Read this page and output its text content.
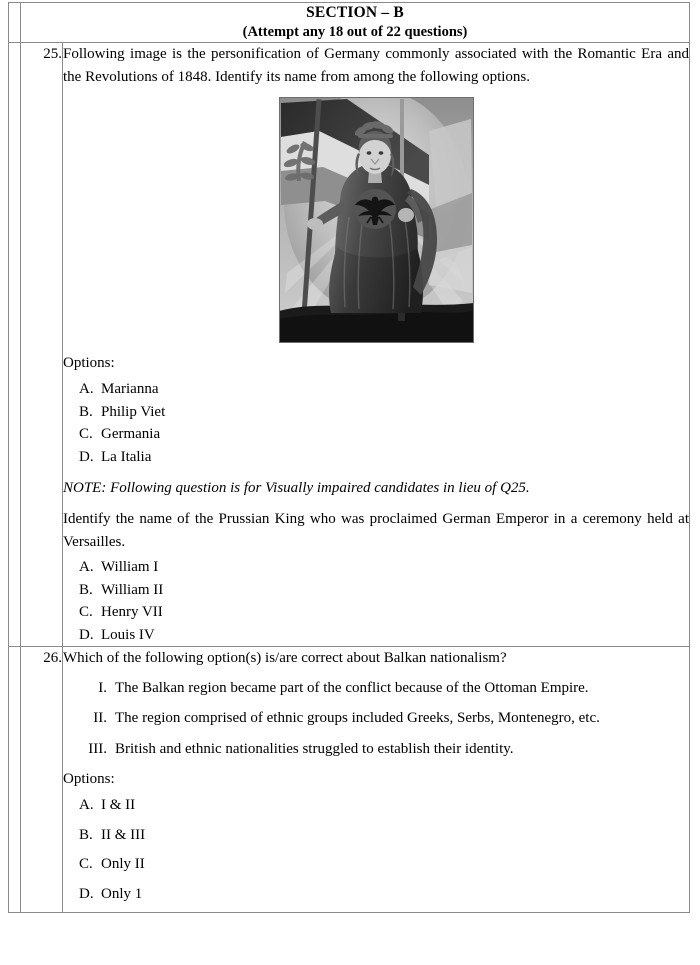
	SECTION – B
(Attempt any 18 out of 22 questions)	

	25.	Following image is the personification of Germany commonly associated with the Romantic Era and the Revolutions of 1848. Identify its name from among the following options.

Options:
A. Marianna
B. Philip Viet
C. Germania
D. La Italia

NOTE: Following question is for Visually impaired candidates in lieu of Q25.

Identify the name of the Prussian King who was proclaimed German Emperor in a ceremony held at Versailles.

A. William I
B. William II
C. Henry VII
D. Louis IV

	26.	Which of the following option(s) is/are correct about Balkan nationalism?

I. The Balkan region became part of the conflict because of the Ottoman Empire.
II. The region comprised of ethnic groups included Greeks, Serbs, Montenegro, etc.
III. British and ethnic nationalities struggled to establish their identity.
Options:
A. I & II
B. II & III
C. Only II
D. Only 1
